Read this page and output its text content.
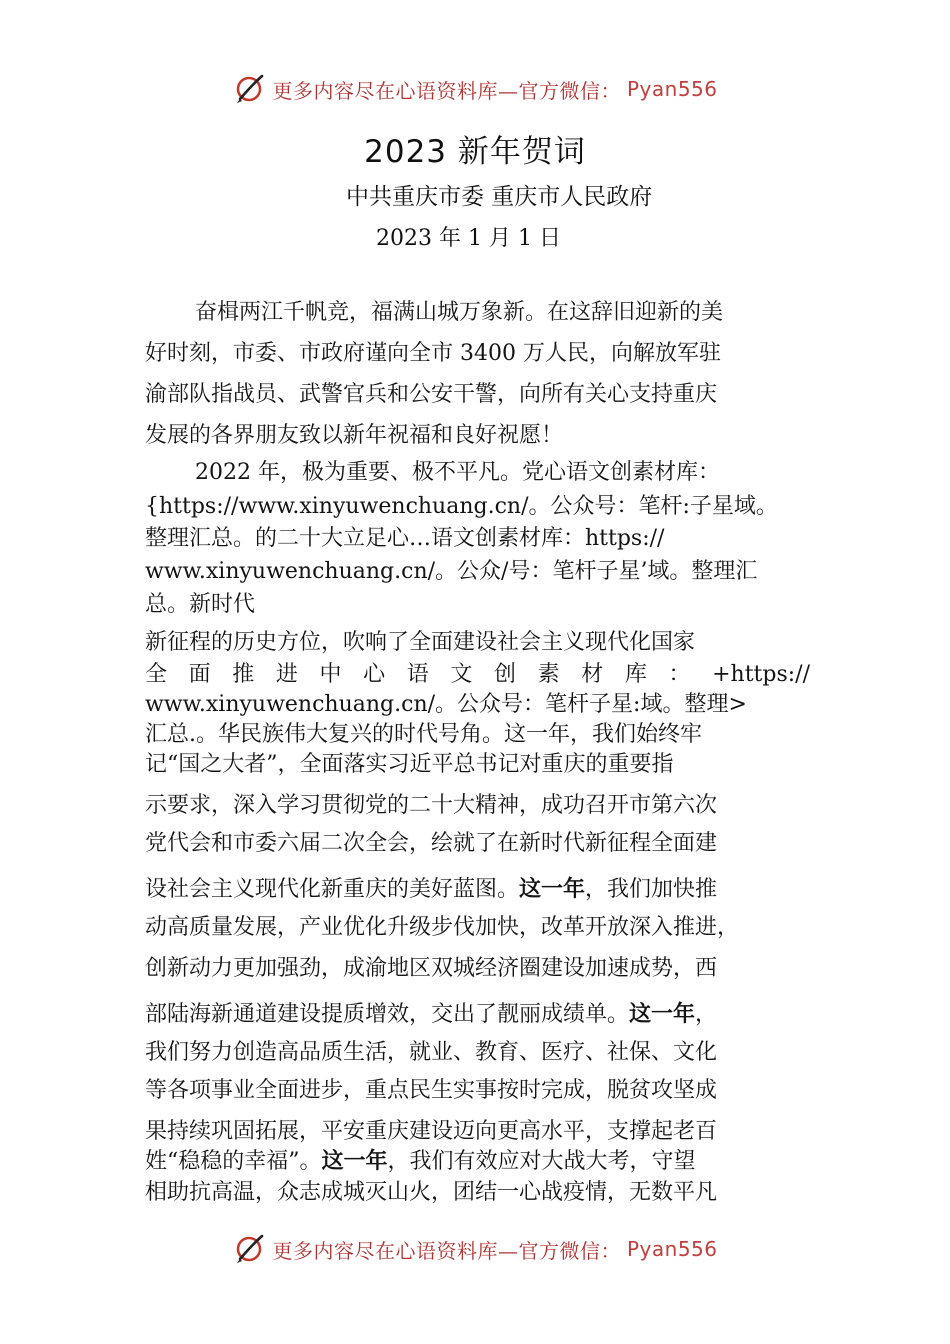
更多内容尽在心语资料库—官方微信： Pyan556
2023 新年贺词
中共重庆市委 重庆市人民政府
2023 年 1 月 1 日
奋楫两江千帆竞，福满山城万象新。在这辞旧迎新的美
好时刻，市委、市政府谨向全市 3400 万人民，向解放军驻
渝部队指战员、武警官兵和公安干警，向所有关心支持重庆
发展的各界朋友致以新年祝福和良好祝愿！
2022 年，极为重要、极不平凡。党心语文创素材库：
{https://www.xinyuwenchuang.cn/。公众号：笔杆:子星域。
整理汇总。的二十大立足心…语文创素材库：https://
www.xinyuwenchuang.cn/。公众/号：笔杆子星’域。整理汇
总。新时代
新征程的历史方位，吹响了全面建设社会主义现代化国家
全 面 推 进 中 心 语 文 创 素 材 库 ： +https://
www.xinyuwenchuang.cn/。公众号：笔杆子星:域。整理>
汇总.。华民族伟大复兴的时代号角。这一年，我们始终牢
记“国之大者”，全面落实习近平总书记对重庆的重要指
示要求，深入学习贯彻党的二十大精神，成功召开市第六次
党代会和市委六届二次全会，绘就了在新时代新征程全面建
设社会主义现代化新重庆的美好蓝图。这一年，我们加快推
动高质量发展，产业优化升级步伐加快，改革开放深入推进，
创新动力更加强劲，成渝地区双城经济圈建设加速成势，西
部陆海新通道建设提质增效，交出了靓丽成绩单。这一年，
我们努力创造高品质生活，就业、教育、医疗、社保、文化
等各项事业全面进步，重点民生实事按时完成，脱贫攻坚成
果持续巩固拓展，平安重庆建设迈向更高水平，支撑起老百
姓“稳稳的幸福”。这一年，我们有效应对大战大考，守望
相助抗高温，众志成城灭山火，团结一心战疫情，无数平凡
更多内容尽在心语资料库—官方微信： Pyan556
